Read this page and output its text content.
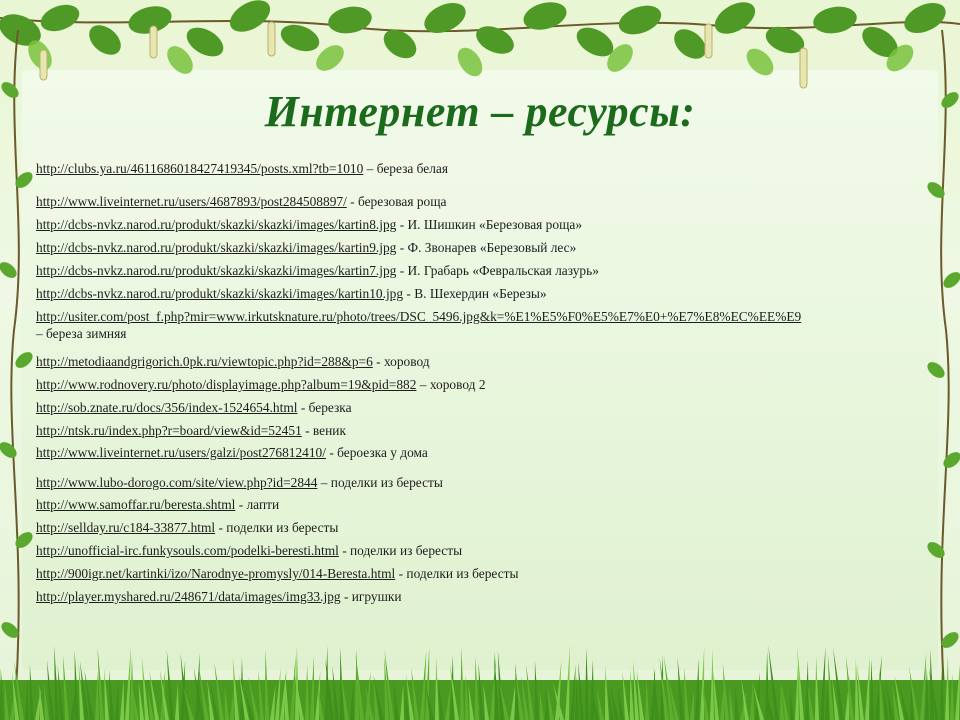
Интернет – ресурсы:
http://clubs.ya.ru/4611686018427419345/posts.xml?tb=1010 – береза белая
http://www.liveinternet.ru/users/4687893/post284508897/ - березовая роща
http://dcbs-nvkz.narod.ru/produkt/skazki/skazki/images/kartin8.jpg - И. Шишкин «Березовая роща»
http://dcbs-nvkz.narod.ru/produkt/skazki/skazki/images/kartin9.jpg - Ф. Звонарев «Березовый лес»
http://dcbs-nvkz.narod.ru/produkt/skazki/skazki/images/kartin7.jpg - И. Грабарь «Февральская лазурь»
http://dcbs-nvkz.narod.ru/produkt/skazki/skazki/images/kartin10.jpg - В. Шехердин «Березы»
http://usiter.com/post_f.php?mir=www.irkutsknature.ru/photo/trees/DSC_5496.jpg&k=%E1%E5%F0%E5%E7%E0+%E7%E8%EC%EE%E9
– береза зимняя
http://metodiaandgrigorich.0pk.ru/viewtopic.php?id=288&p=6 - хоровод
http://www.rodnovery.ru/photo/displayimage.php?album=19&pid=882 – хоровод 2
http://sob.znate.ru/docs/356/index-1524654.html - березка
http://ntsk.ru/index.php?r=board/view&id=52451 - веник
http://www.liveinternet.ru/users/galzi/post276812410/ - бероезка у дома
http://www.lubo-dorogo.com/site/view.php?id=2844 – поделки из бересты
http://www.samoffar.ru/beresta.shtml - лапти
http://sellday.ru/c184-33877.html - поделки из бересты
http://unofficial-irc.funkysouls.com/podelki-beresti.html - поделки из бересты
http://900igr.net/kartinki/izo/Narodnye-promysly/014-Beresta.html - поделки из бересты
http://player.myshared.ru/248671/data/images/img33.jpg - игрушки
